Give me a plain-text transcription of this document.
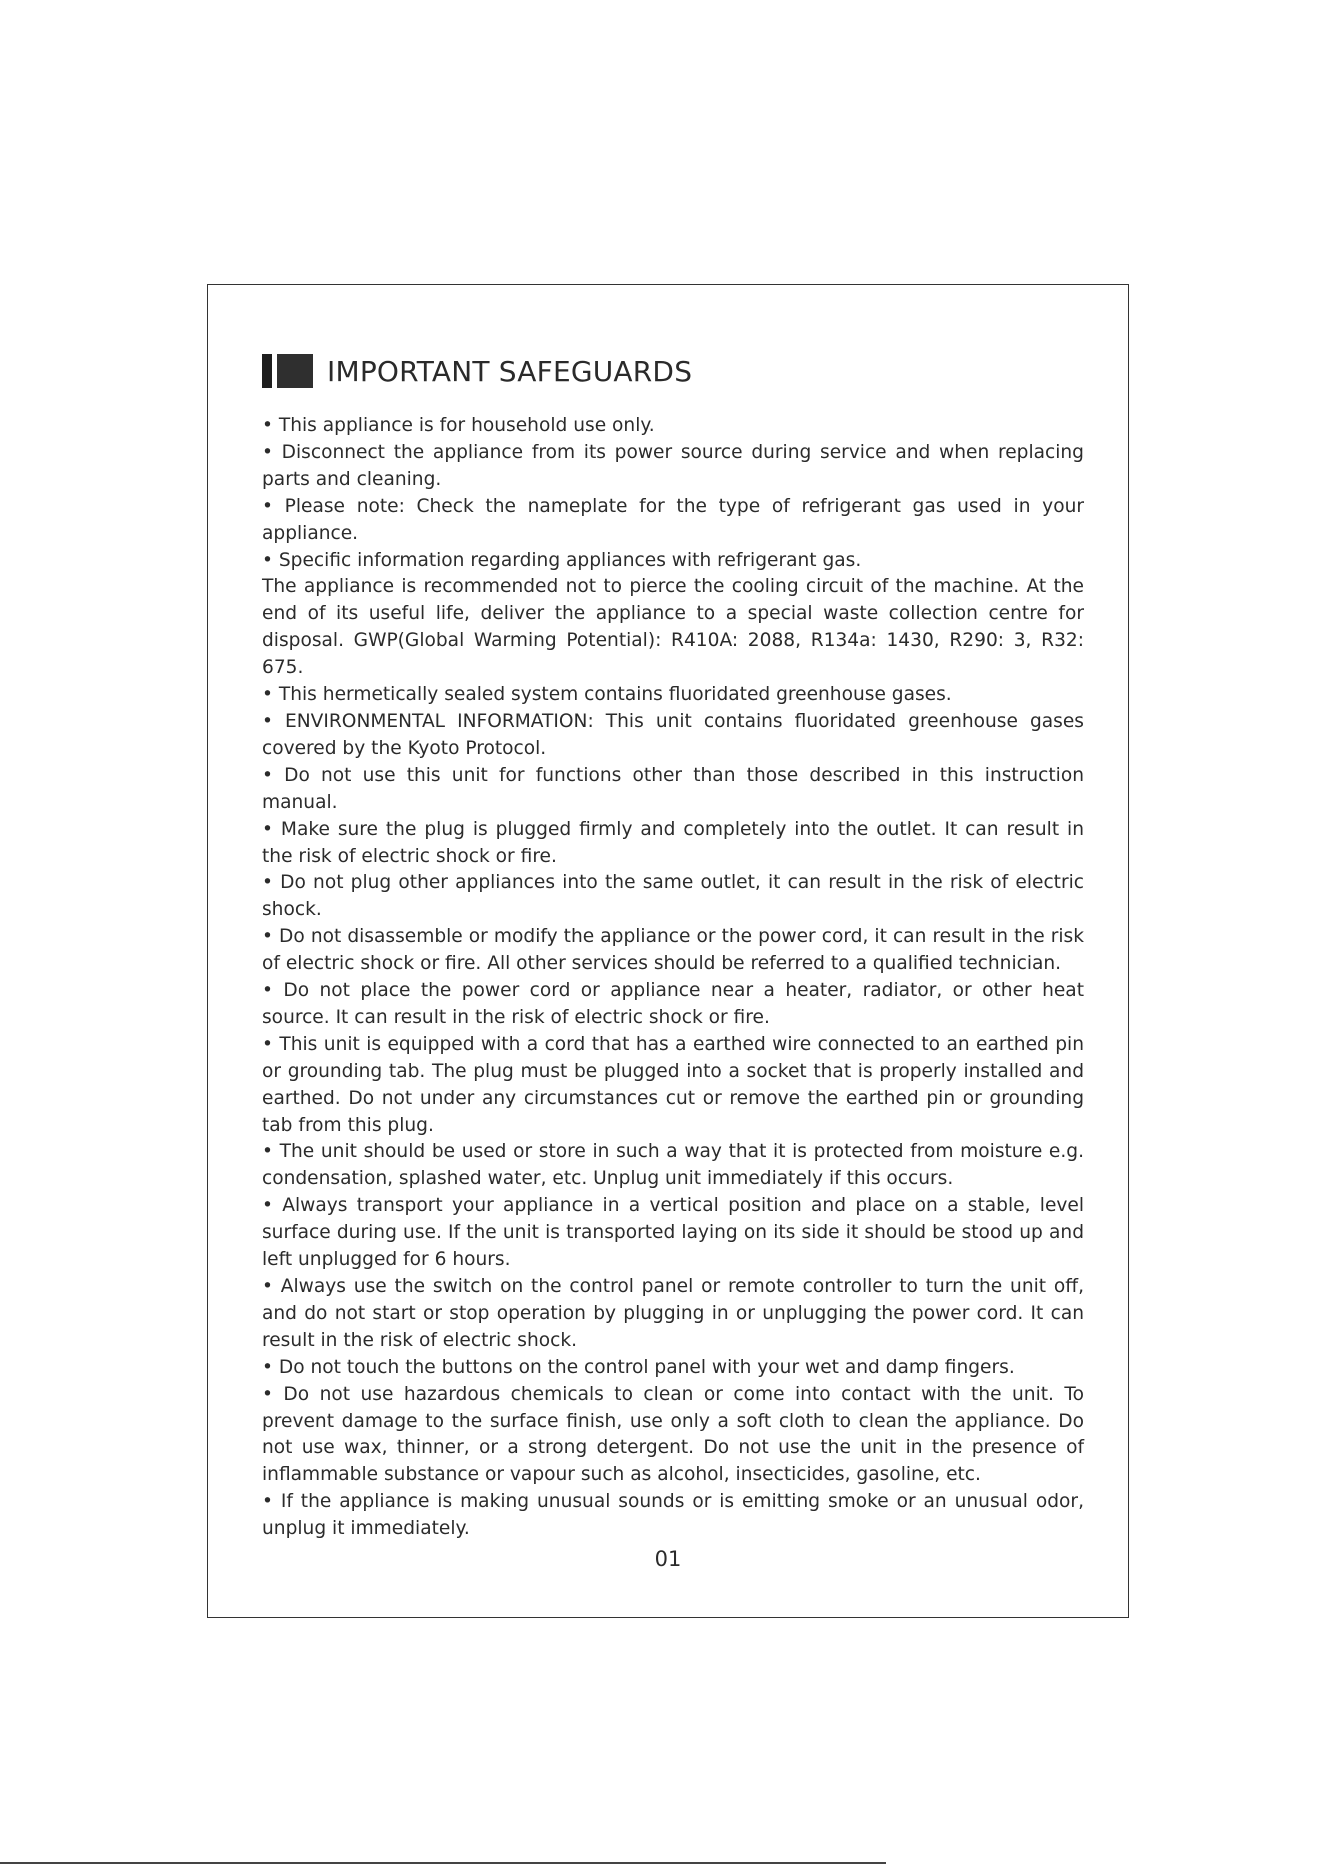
IMPORTANT SAFEGUARDS

• This appliance is for household use only.

• Disconnect the appliance from its power source during service and when replacing parts and cleaning.

• Please note: Check the nameplate for the type of refrigerant gas used in your appliance.

• Specific information regarding appliances with refrigerant gas.

The appliance is recommended not to pierce the cooling circuit of the machine. At the end of its useful life, deliver the appliance to a special waste collection centre for disposal. GWP(Global Warming Potential): R410A: 2088, R134a: 1430, R290: 3, R32: 675.

• This hermetically sealed system contains fluoridated greenhouse gases.

• ENVIRONMENTAL INFORMATION: This unit contains fluoridated greenhouse gases covered by the Kyoto Protocol.

• Do not use this unit for functions other than those described in this instruction manual.

• Make sure the plug is plugged firmly and completely into the outlet. It can result in the risk of electric shock or fire.

• Do not plug other appliances into the same outlet, it can result in the risk of electric shock.

• Do not disassemble or modify the appliance or the power cord, it can result in the risk of electric shock or fire. All other services should be referred to a qualified technician.

• Do not place the power cord or appliance near a heater, radiator, or other heat source. It can result in the risk of electric shock or fire.

• This unit is equipped with a cord that has a earthed wire connected to an earthed pin or grounding tab. The plug must be plugged into a socket that is properly installed and earthed. Do not under any circumstances cut or remove the earthed pin or grounding tab from this plug.

• The unit should be used or store in such a way that it is protected from moisture e.g. condensation, splashed water, etc. Unplug unit immediately if this occurs.

• Always transport your appliance in a vertical position and place on a stable, level surface during use. If the unit is transported laying on its side it should be stood up and left unplugged for 6 hours.

• Always use the switch on the control panel or remote controller to turn the unit off, and do not start or stop operation by plugging in or unplugging the power cord. It can result in the risk of electric shock.

• Do not touch the buttons on the control panel with your wet and damp fingers.

• Do not use hazardous chemicals to clean or come into contact with the unit. To prevent damage to the surface finish, use only a soft cloth to clean the appliance. Do not use wax, thinner, or a strong detergent. Do not use the unit in the presence of inflammable substance or vapour such as alcohol, insecticides, gasoline, etc.

• If the appliance is making unusual sounds or is emitting smoke or an unusual odor, unplug it immediately.

01
